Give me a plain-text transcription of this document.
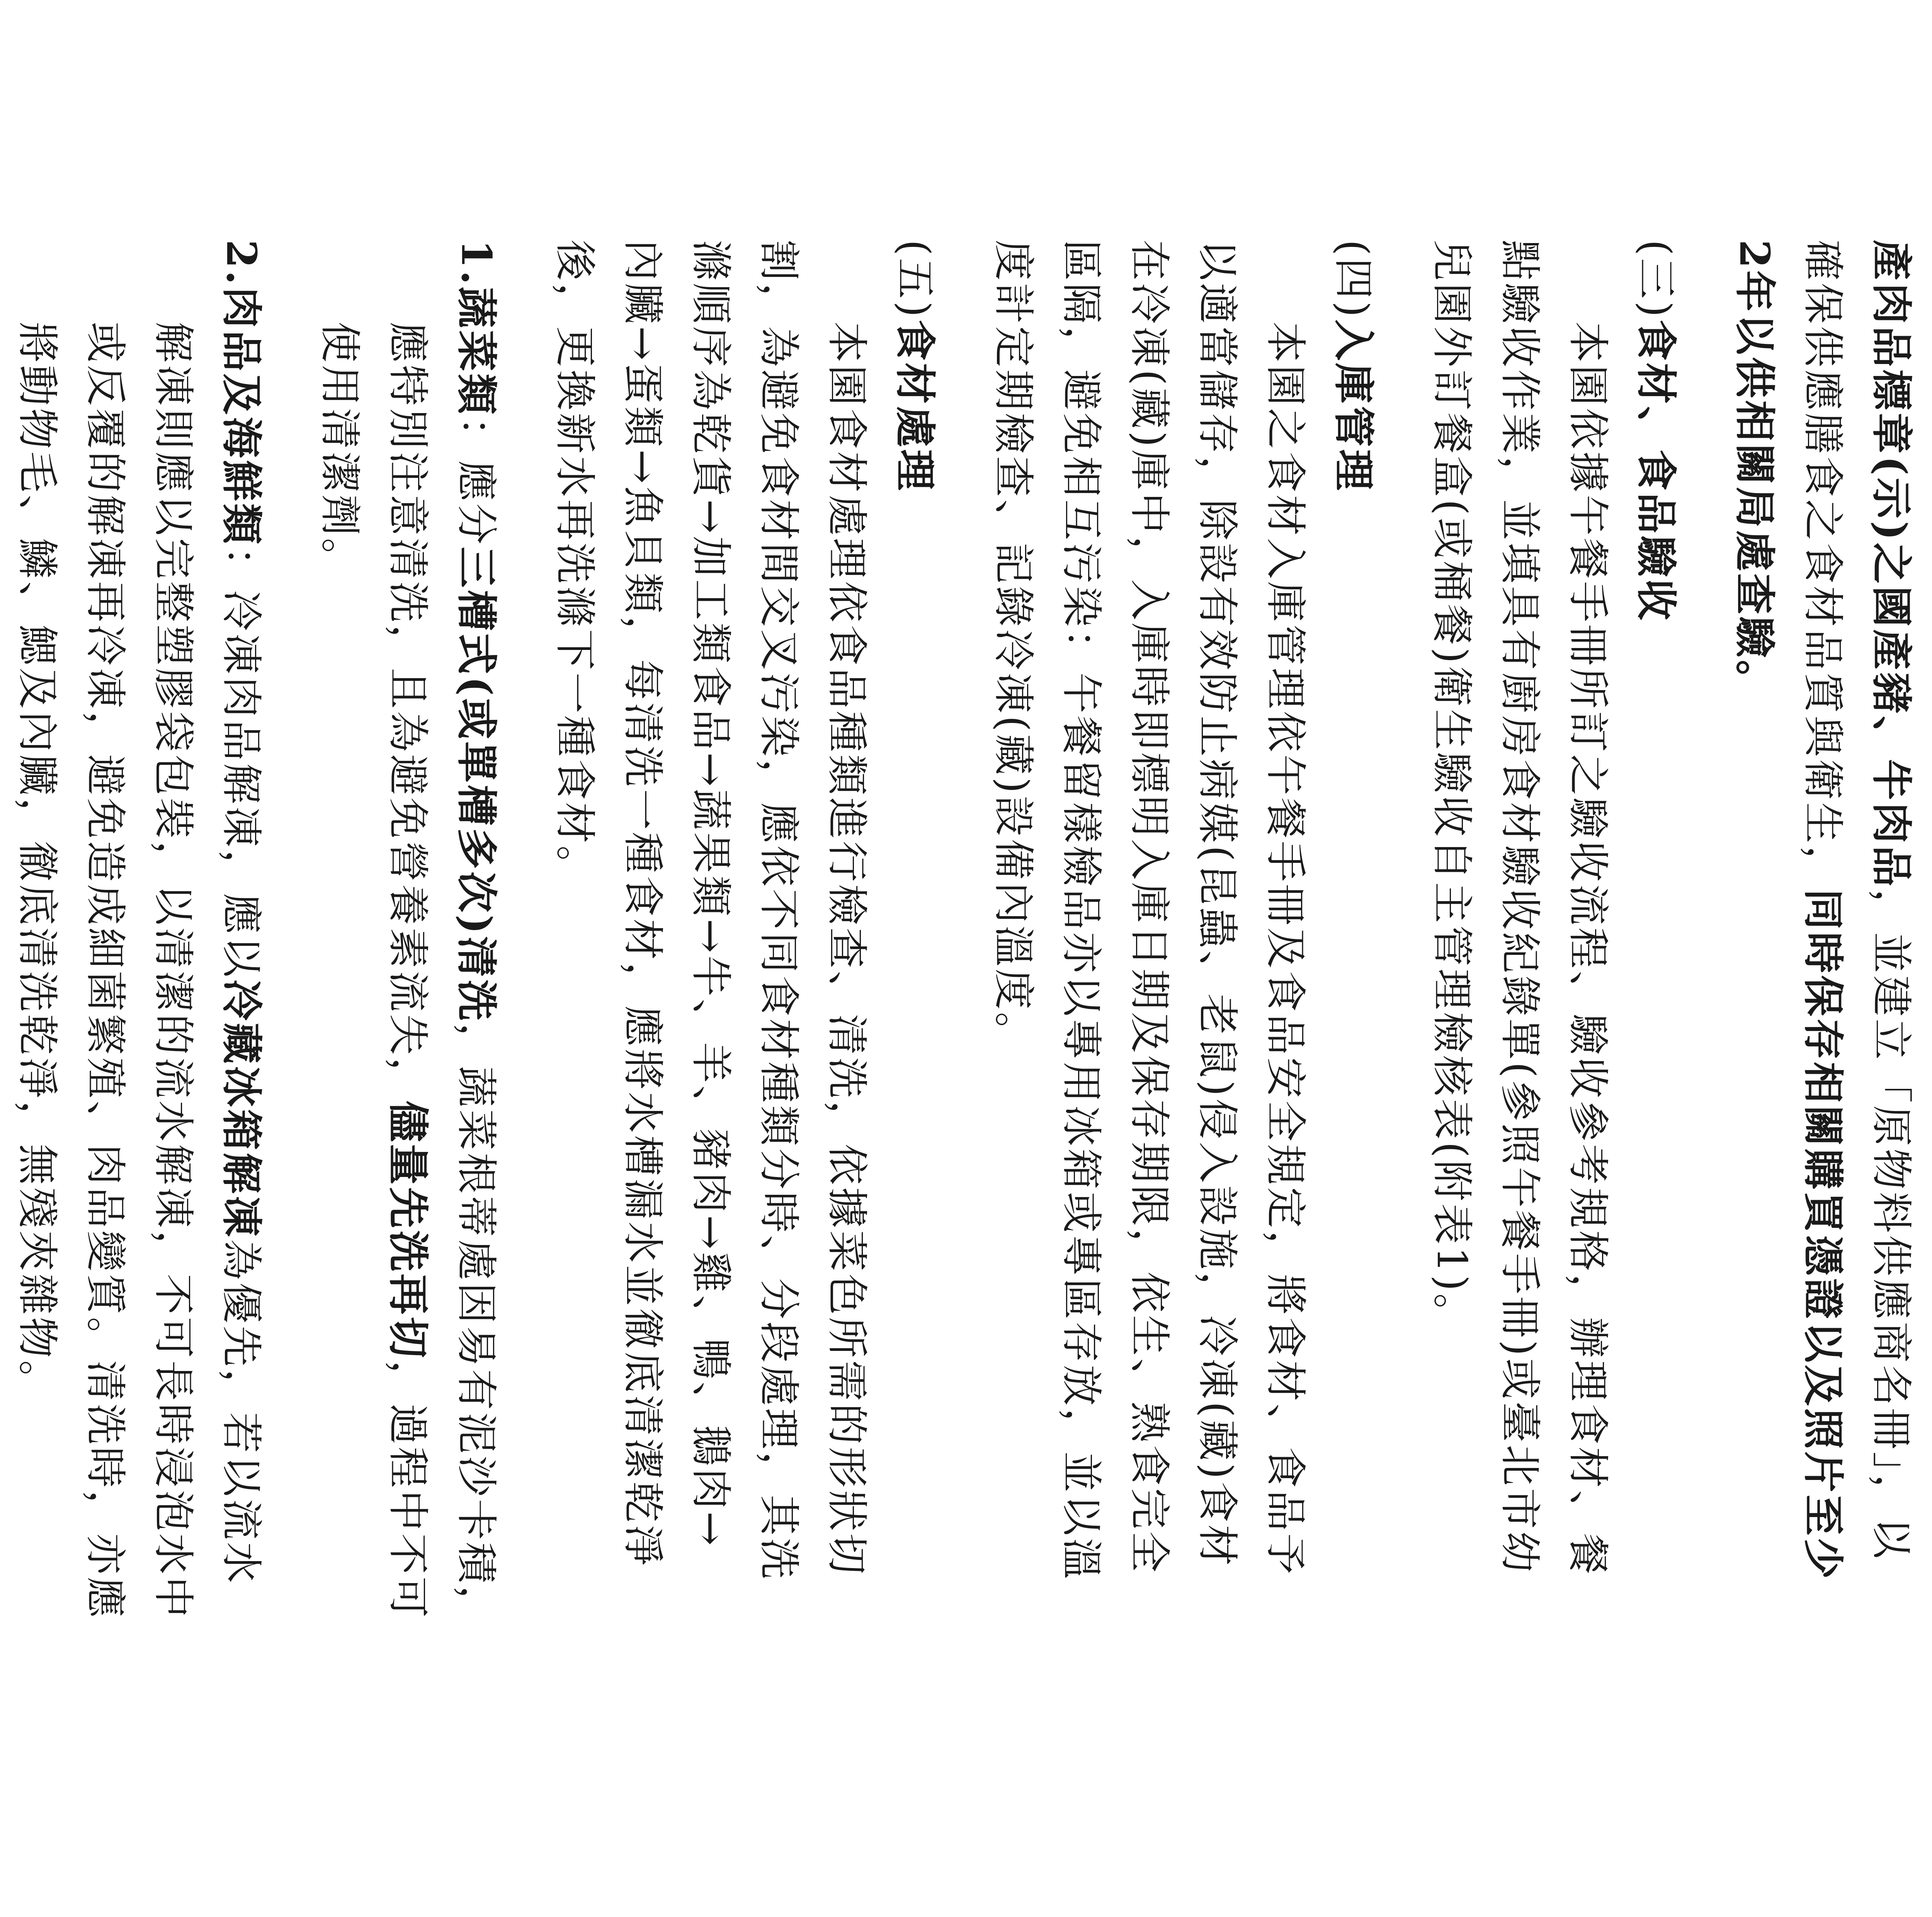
產肉品標章(示)之國產豬、牛肉品，並建立「原物料供應商名冊」，以
確保供應膳食之食材品質與衛生，同時保存相關購買憑證以及照片至少
2年以供相關局處查驗。
(三)食材、食品驗收
本園依據午餐手冊所訂之驗收流程、驗收參考規格，辦理食材、餐
點驗收作業，並填具有廚房食材驗收紀錄單(參照午餐手冊)或臺北市幼
兒園外訂餐盒(或桶餐)衛生驗收自主管理檢核表(附表1)。
(四)入庫管理
本園之食材入庫管理依午餐手冊及食品安全規定，將食材、食品予
以適當儲存，除設有效防止病媒(昆蟲、老鼠)侵入設施，冷凍(藏)食材
在冷凍(藏)庫中，入庫時即標明入庫日期及保存期限，依生、熟食完全
區隔，避免相互污染：午餐留樣檢品亦以專用冰箱或專區存放，並以溫
度計定期檢查、記錄冷凍(藏)設備內溫度。
(五)食材處理
本園食材處理依食品種類進行檢查、清洗，依據菜色所需的形狀切
割，為避免食材間交叉污染，應依不同食材種類分時、分段處理，其洗
滌順序為乾貨→加工類食品→蔬果類→牛、羊、豬肉→雞、鴨、鵝肉→
內臟→蛋類→魚貝類，每清洗一種食材，應將水槽漏水並徹底清潔乾淨
後，更換新水再洗滌下一種食材。
1.蔬菜類：應分三槽式(或單槽多次)清洗，蔬菜根蒂處因易有泥沙卡積，
應特別注意清洗，且為避免營養素流失，儘量先洗再切，過程中不可
使用清潔劑。
2.肉品及海鮮類：冷凍肉品解凍，應以冷藏冰箱解凍為優先，若以流水
解凍則應以完整塑膠袋包裝，以清潔的流水解凍，不可長時浸泡水中
或反覆的解凍再冷凍，避免造成細菌繁殖、肉品變質。清洗時，亦應
將動物毛、鱗、鰓及內臟，徹底清洗乾淨，無殘夾雜物。
